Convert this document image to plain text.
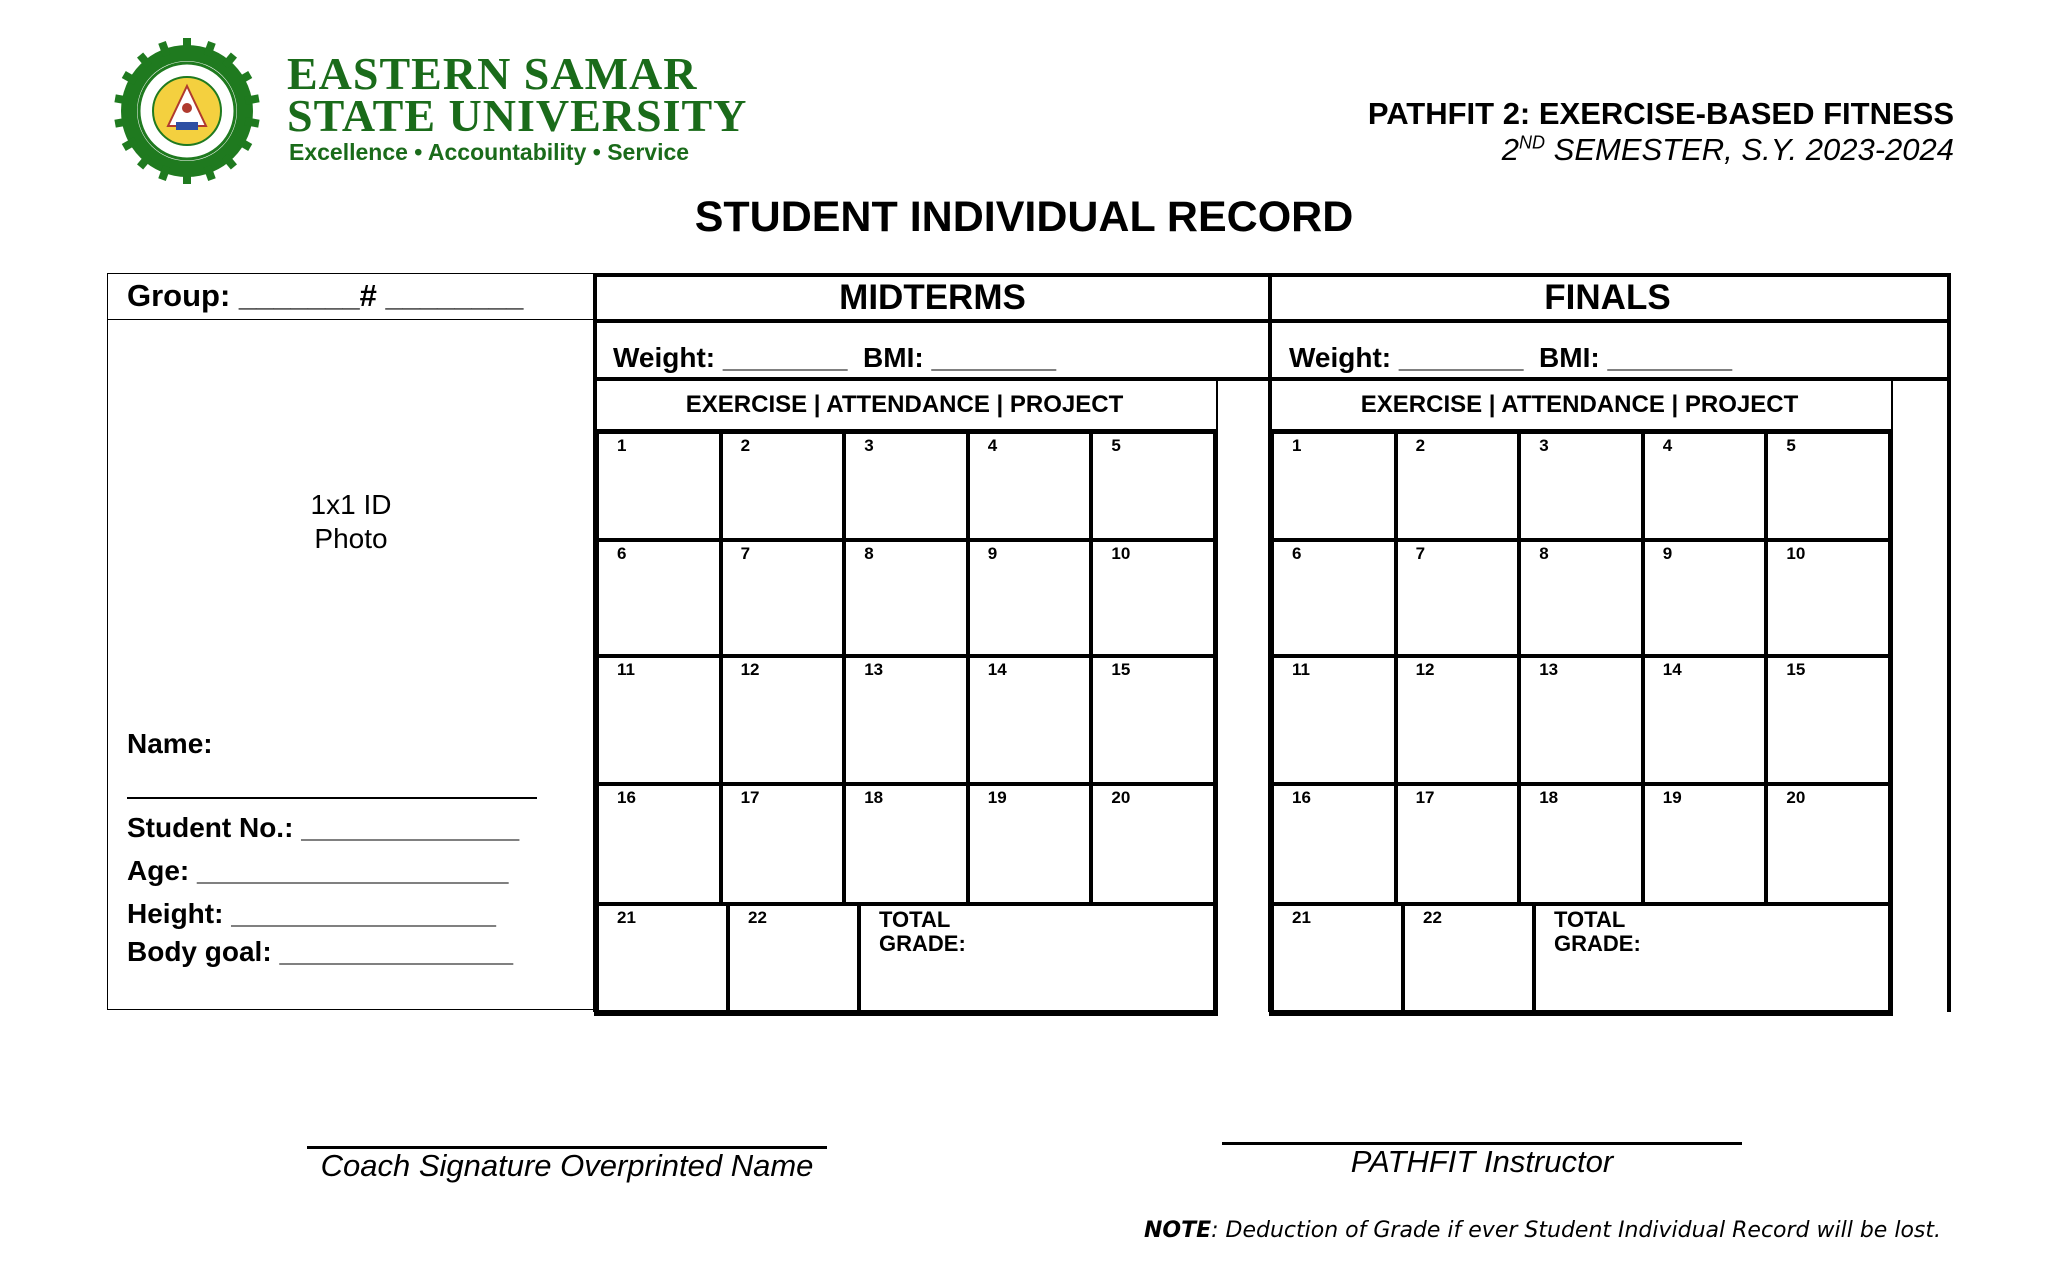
EASTERN SAMAR
STATE UNIVERSITY
Excellence • Accountability • Service
PATHFIT 2: EXERCISE-BASED FITNESS
2ND SEMESTER, S.Y. 2023-2024
STUDENT INDIVIDUAL RECORD
Group: _______# ________
1x1 ID
Photo
Name:
Student No.: ______________
Age: ____________________
Height: _________________
Body goal: _______________
MIDTERMS
Weight: ________  BMI: ________
EXERCISE | ATTENDANCE | PROJECT
1	2	3	4	5
6	7	8	9	10
11	12	13	14	15
16	17	18	19	20
21	22	TOTAL
GRADE:
FINALS
Weight: ________  BMI: ________
EXERCISE | ATTENDANCE | PROJECT
1	2	3	4	5
6	7	8	9	10
11	12	13	14	15
16	17	18	19	20
21	22	TOTAL
GRADE:
Coach Signature Overprinted Name	PATHFIT Instructor
NOTE: Deduction of Grade if ever Student Individual Record will be lost.
